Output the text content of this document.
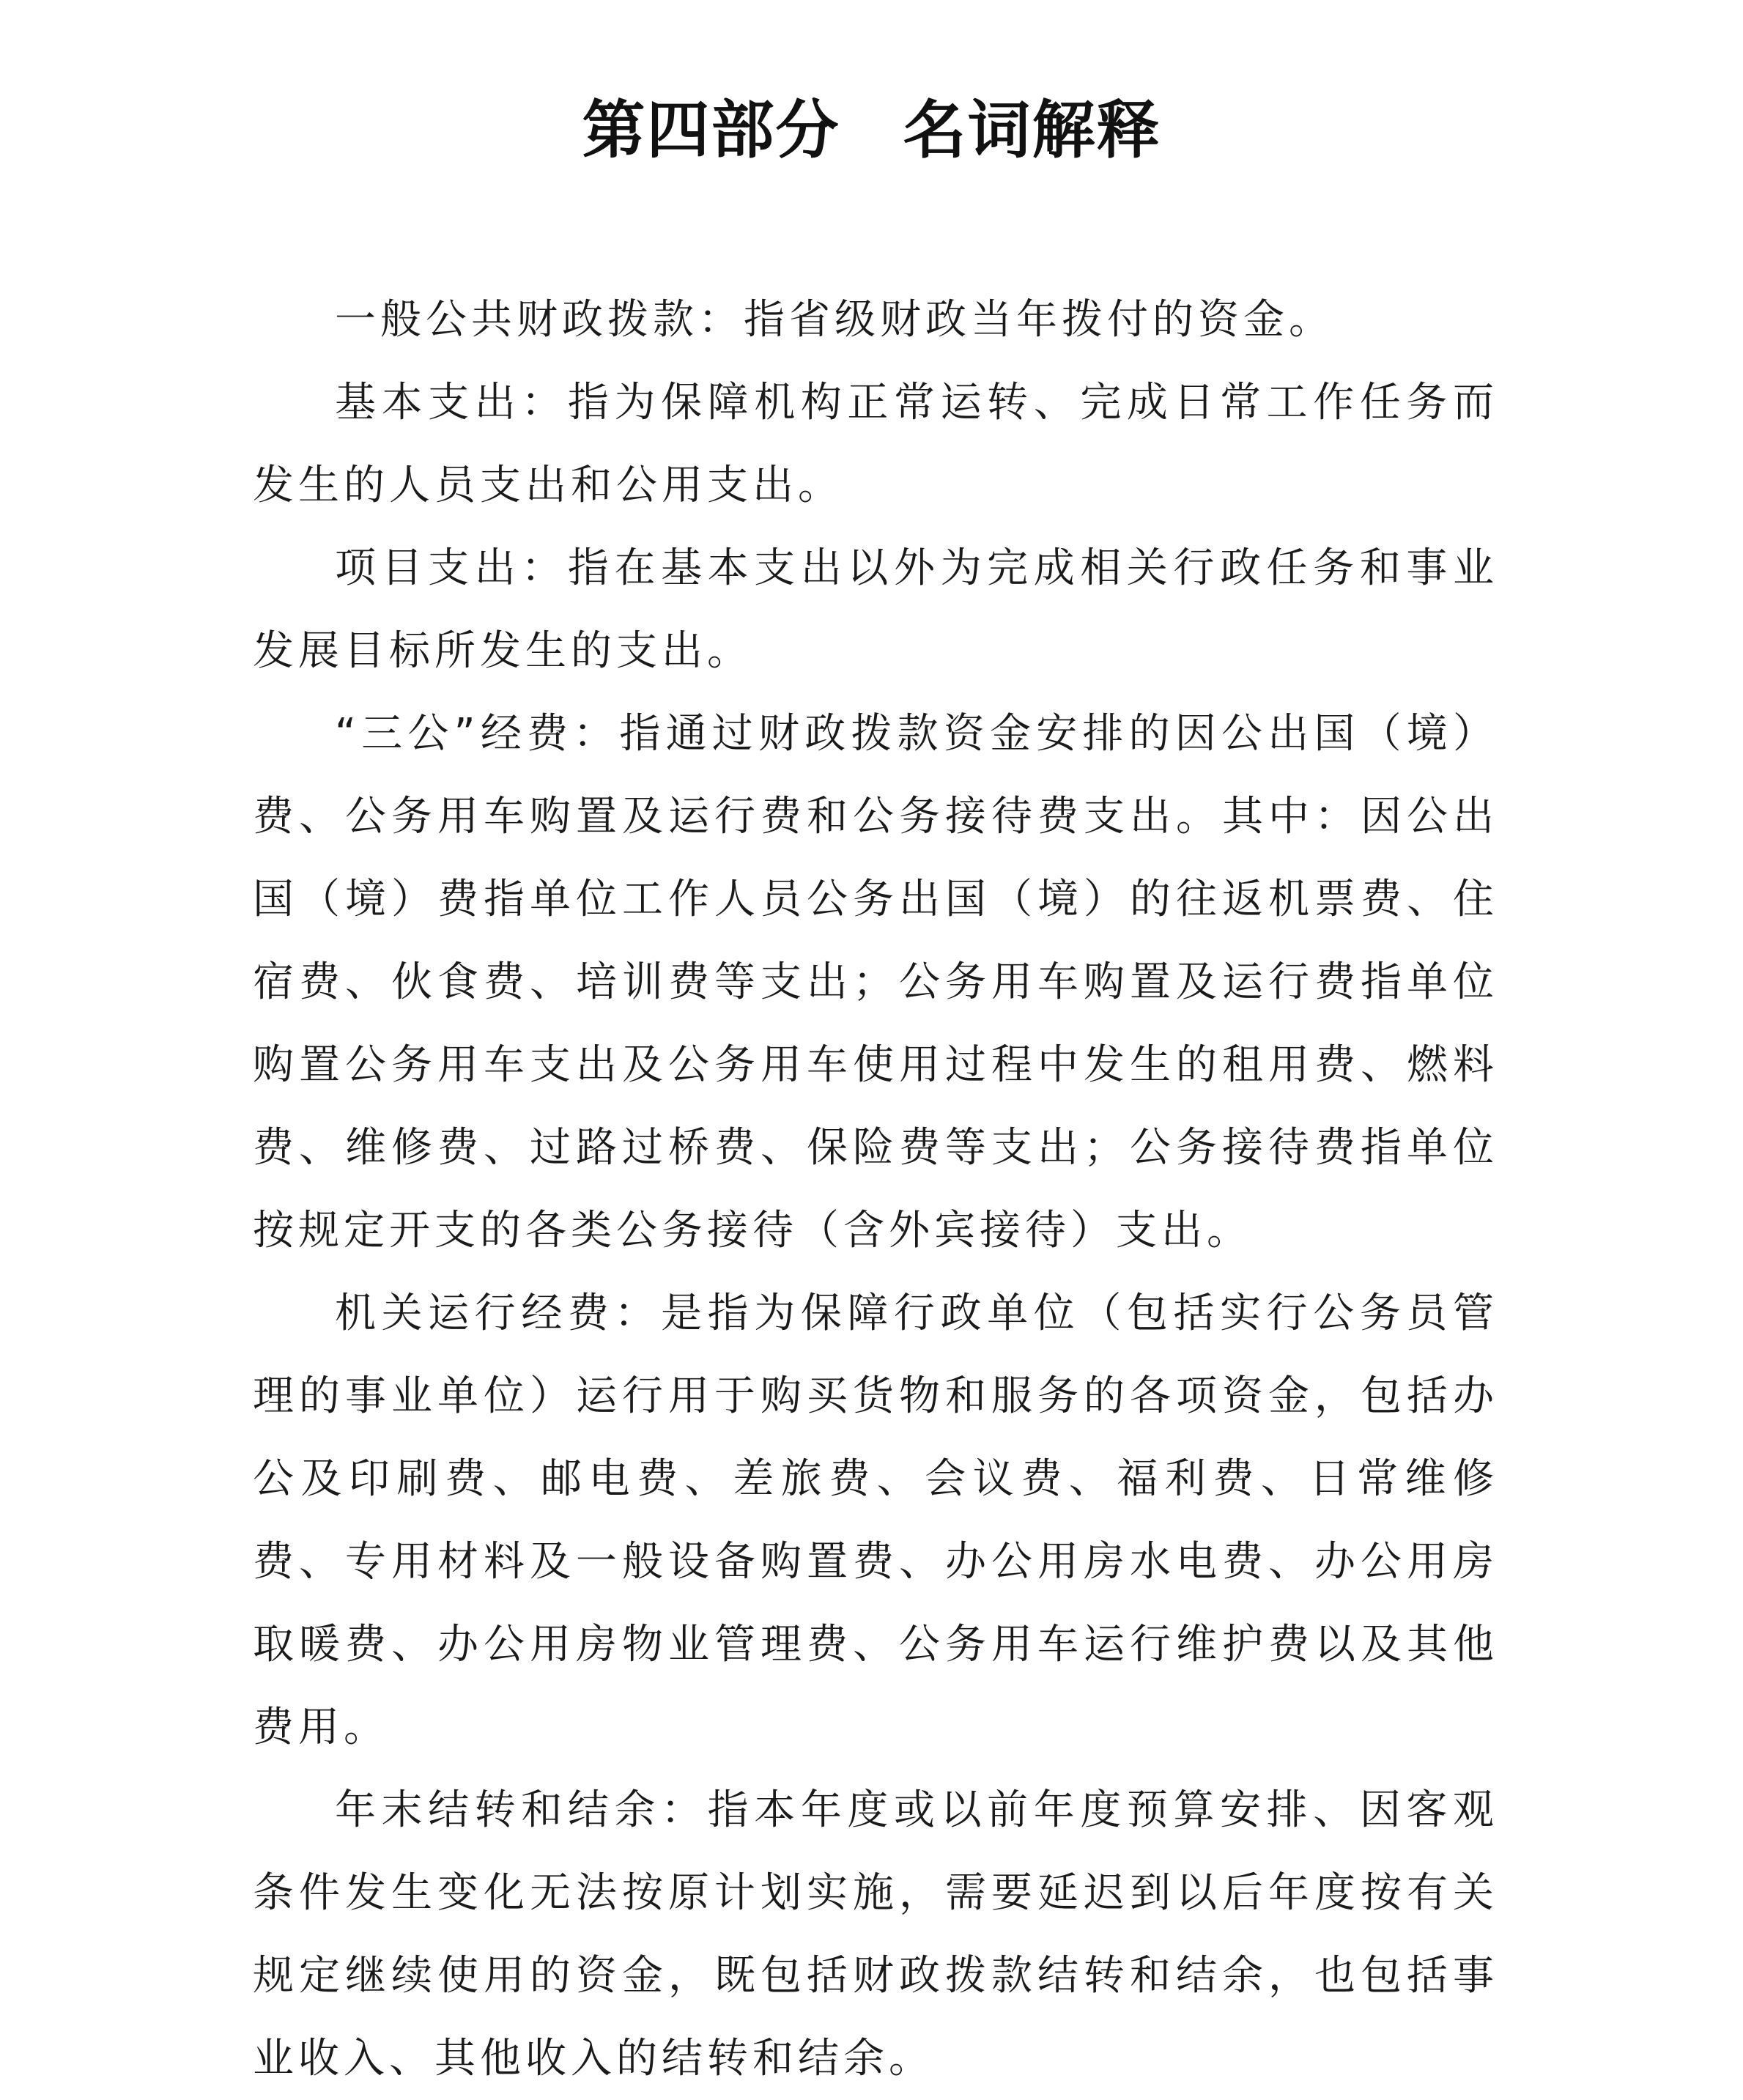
第四部分 名词解释

一般公共财政拨款：指省级财政当年拨付的资金。

基本支出：指为保障机构正常运转、完成日常工作任务而发生的人员支出和公用支出。

项目支出：指在基本支出以外为完成相关行政任务和事业发展目标所发生的支出。

“三公”经费：指通过财政拨款资金安排的因公出国（境）费、公务用车购置及运行费和公务接待费支出。其中：因公出国（境）费指单位工作人员公务出国（境）的往返机票费、住宿费、伙食费、培训费等支出；公务用车购置及运行费指单位购置公务用车支出及公务用车使用过程中发生的租用费、燃料费、维修费、过路过桥费、保险费等支出；公务接待费指单位按规定开支的各类公务接待（含外宾接待）支出。

机关运行经费：是指为保障行政单位（包括实行公务员管理的事业单位）运行用于购买货物和服务的各项资金，包括办公及印刷费、邮电费、差旅费、会议费、福利费、日常维修费、专用材料及一般设备购置费、办公用房水电费、办公用房取暖费、办公用房物业管理费、公务用车运行维护费以及其他费用。

年末结转和结余：指本年度或以前年度预算安排、因客观条件发生变化无法按原计划实施，需要延迟到以后年度按有关规定继续使用的资金，既包括财政拨款结转和结余，也包括事业收入、其他收入的结转和结余。
